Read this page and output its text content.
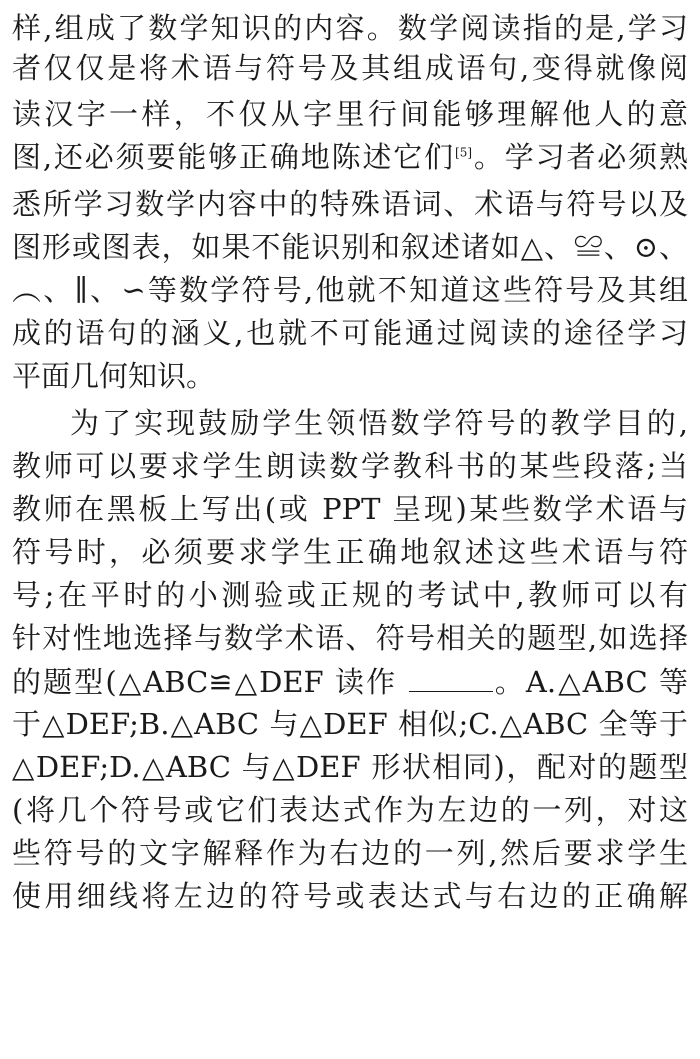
样,组成了数学知识的内容。数学阅读指的是,学习
者仅仅是将术语与符号及其组成语句,变得就像阅
读汉字一样，不仅从字里行间能够理解他人的意
图,还必须要能够正确地陈述它们[5]。学习者必须熟
悉所学习数学内容中的特殊语词、术语与符号以及
图形或图表，如果不能识别和叙述诸如△、≌、⊙、
︵、∥、∽等数学符号,他就不知道这些符号及其组
成的语句的涵义,也就不可能通过阅读的途径学习
平面几何知识。
为了实现鼓励学生领悟数学符号的教学目的,
教师可以要求学生朗读数学教科书的某些段落;当
教师在黑板上写出(或 PPT 呈现)某些数学术语与
符号时，必须要求学生正确地叙述这些术语与符
号;在平时的小测验或正规的考试中,教师可以有
针对性地选择与数学术语、符号相关的题型,如选择
的题型(△ABC≌△DEF 读作	。A.△ABC 等
于△DEF;B.△ABC 与△DEF 相似;C.△ABC 全等于
△DEF;D.△ABC 与△DEF 形状相同)，配对的题型
(将几个符号或它们表达式作为左边的一列，对这
些符号的文字解释作为右边的一列,然后要求学生
使用细线将左边的符号或表达式与右边的正确解
